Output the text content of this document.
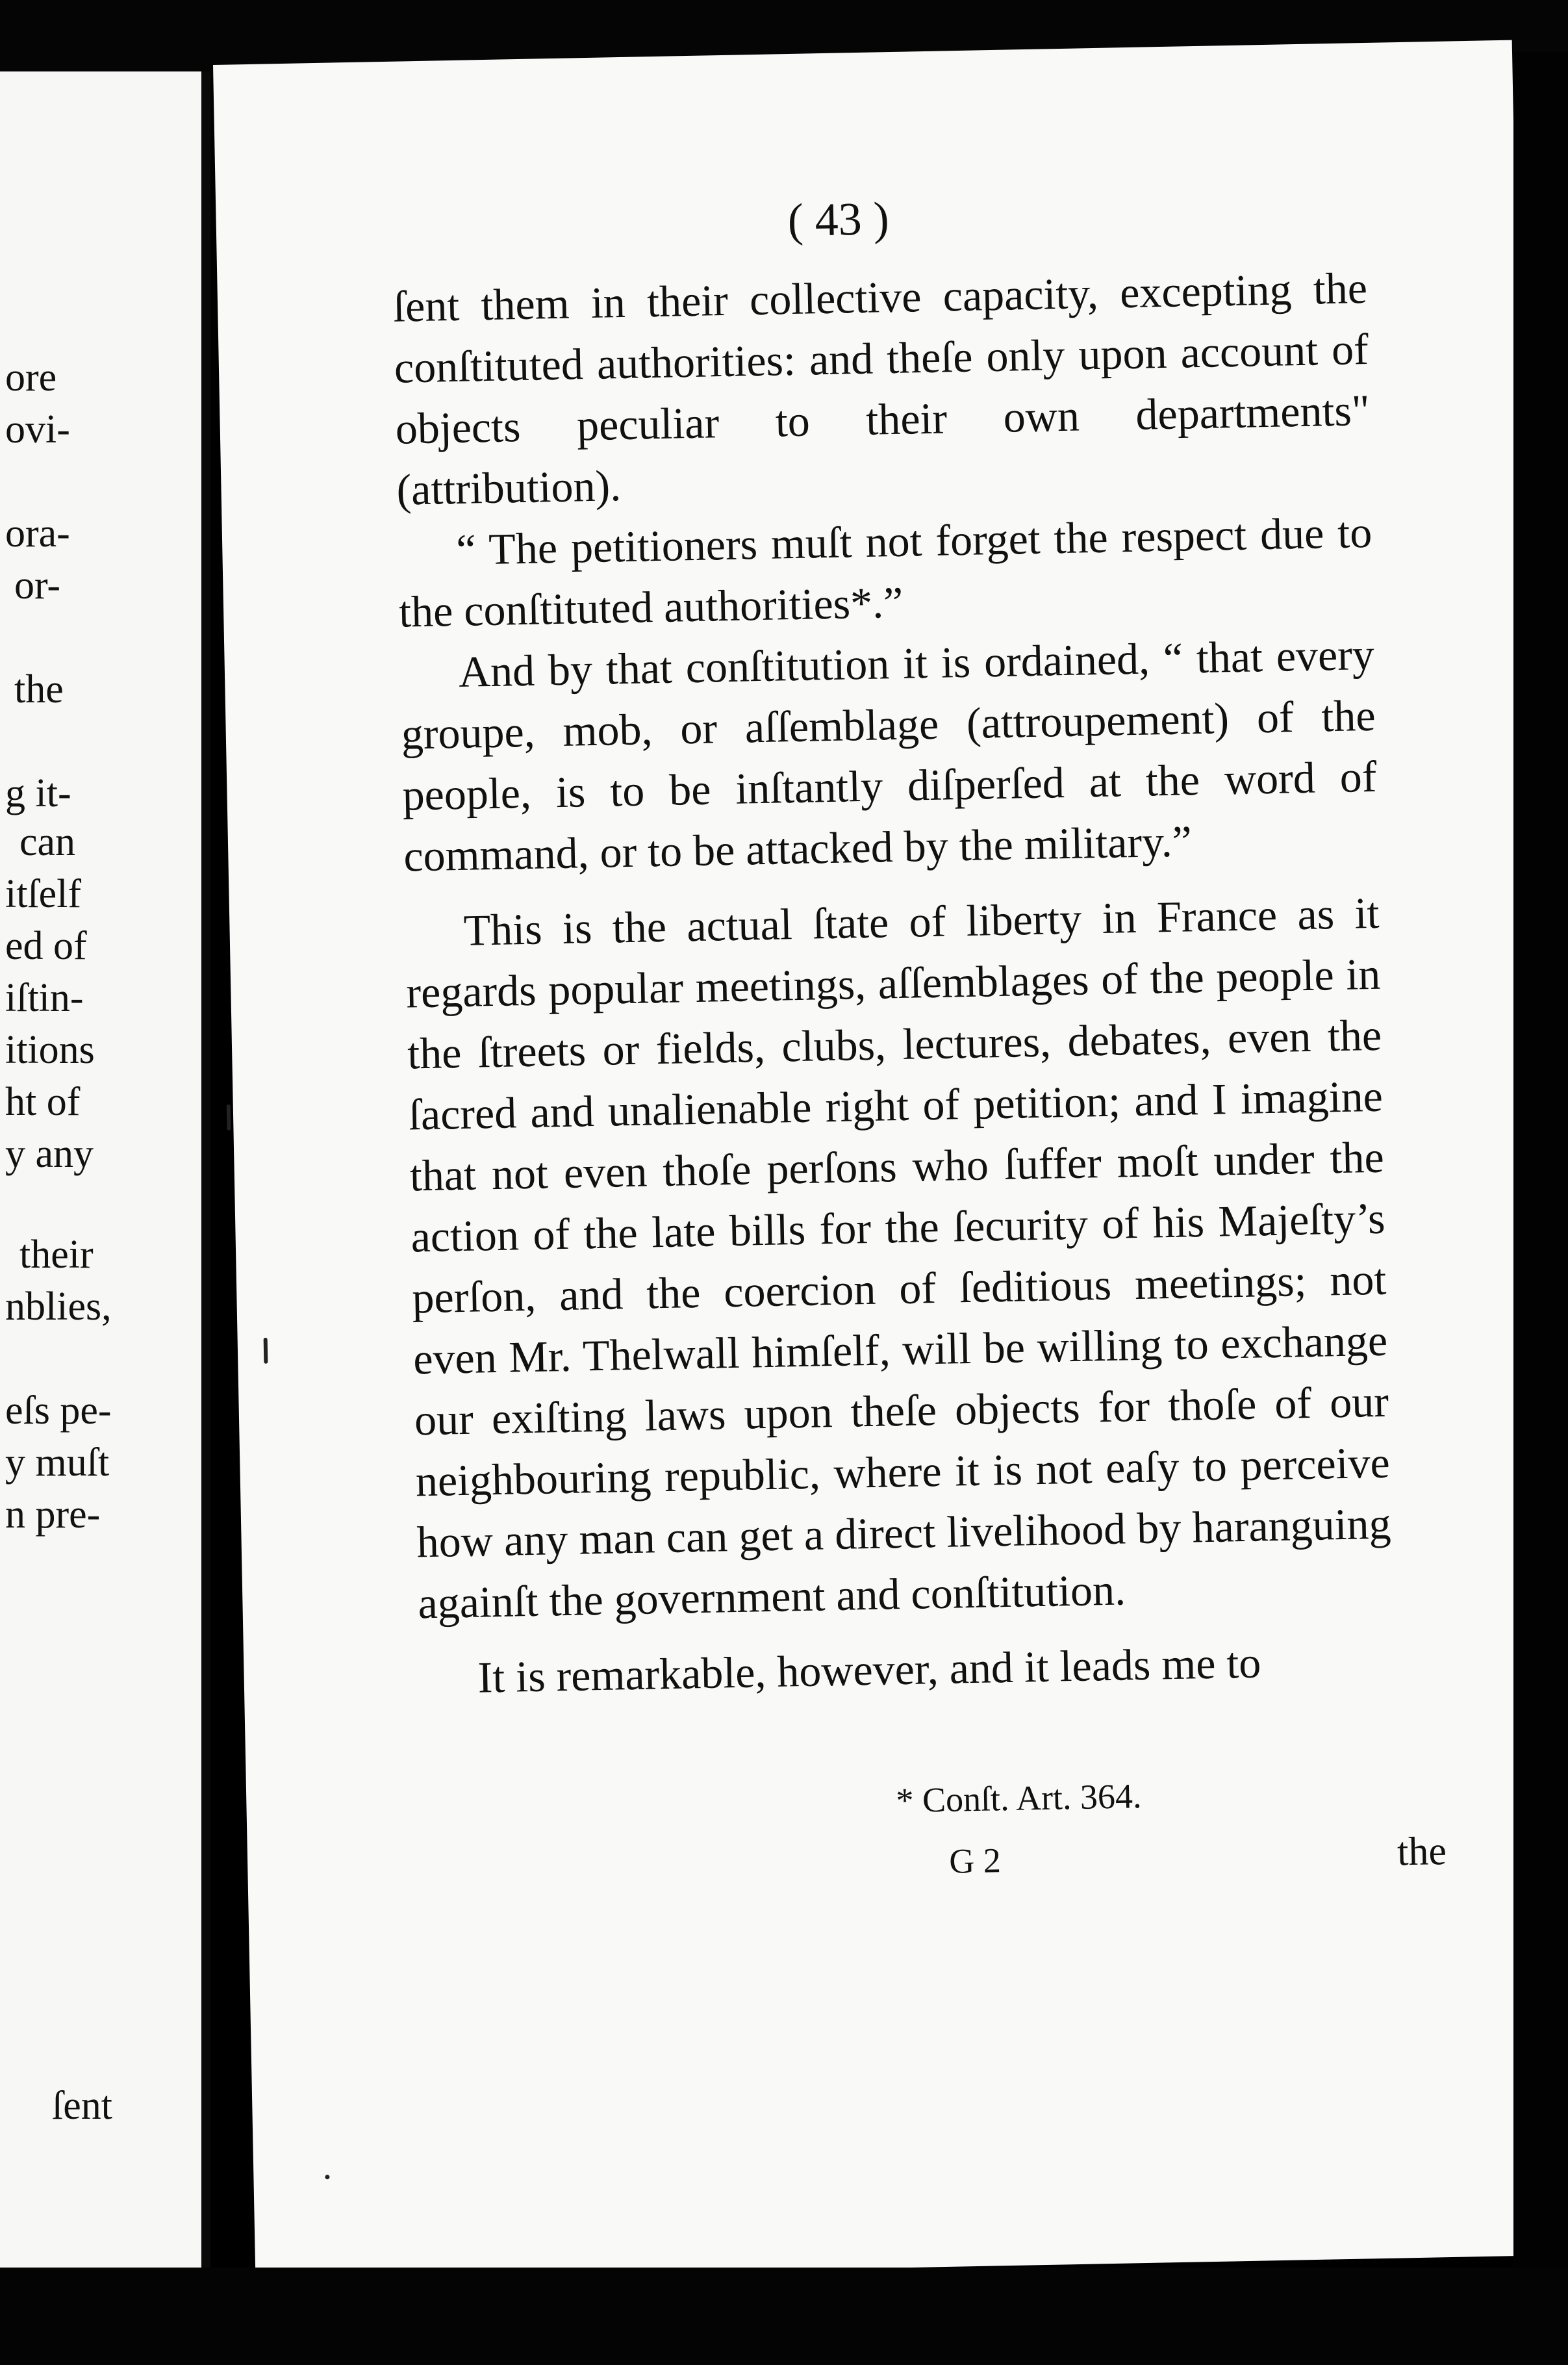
ore
ovi-
ora-
or-
the
g it-
can
itſelf
ed of
iſtin-
itions
ht of
y any
their
nblies,
eſs pe-
y muſt
n pre-
ſent
( 43 )

ſent them in their collective capacity, excepting the conſtituted authorities: and theſe only upon account of objects peculiar to their own departments" (attribution).

“ The petitioners muſt not forget the respect due to the conſtituted authorities*.”

And by that conſtitution it is ordained, “ that every groupe, mob, or aſſemblage (attroupement) of the people, is to be inſtantly diſperſed at the word of command, or to be attacked by the military.”

This is the actual ſtate of liberty in France as it regards popular meetings, aſſemblages of the people in the ſtreets or fields, clubs, lectures, debates, even the ſacred and unalienable right of petition; and I imagine that not even thoſe perſons who ſuffer moſt under the action of the late bills for the ſecurity of his Majeſty’s perſon, and the coercion of ſeditious meetings; not even Mr. Thelwall himſelf, will be willing to exchange our exiſting laws upon theſe objects for thoſe of our neighbouring republic, where it is not eaſy to perceive how any man can get a direct livelihood by haranguing againſt the government and conſtitution.

It is remarkable, however, and it leads me to

* Conſt. Art. 364.
G 2	the
